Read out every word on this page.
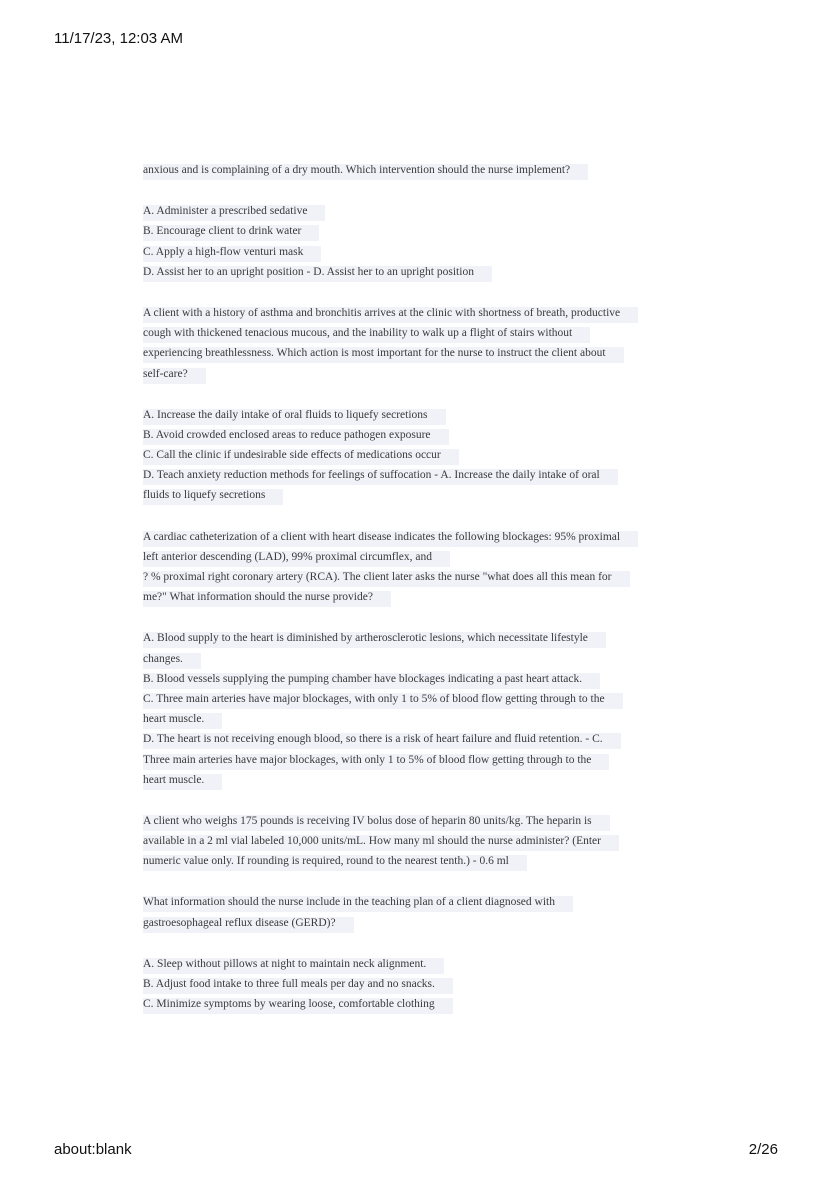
11/17/23, 12:03 AM
anxious and is complaining of a dry mouth. Which intervention should the nurse implement?
A. Administer a prescribed sedative
B. Encourage client to drink water
C. Apply a high-flow venturi mask
D. Assist her to an upright position - D. Assist her to an upright position
A client with a history of asthma and bronchitis arrives at the clinic with shortness of breath, productive
cough with thickened tenacious mucous, and the inability to walk up a flight of stairs without
experiencing breathlessness. Which action is most important for the nurse to instruct the client about
self-care?
A. Increase the daily intake of oral fluids to liquefy secretions
B. Avoid crowded enclosed areas to reduce pathogen exposure
C. Call the clinic if undesirable side effects of medications occur
D. Teach anxiety reduction methods for feelings of suffocation - A. Increase the daily intake of oral
fluids to liquefy secretions
A cardiac catheterization of a client with heart disease indicates the following blockages: 95% proximal
left anterior descending (LAD), 99% proximal circumflex, and
? % proximal right coronary artery (RCA). The client later asks the nurse "what does all this mean for
me?" What information should the nurse provide?
A. Blood supply to the heart is diminished by artherosclerotic lesions, which necessitate lifestyle
changes.
B. Blood vessels supplying the pumping chamber have blockages indicating a past heart attack.
C. Three main arteries have major blockages, with only 1 to 5% of blood flow getting through to the
heart muscle.
D. The heart is not receiving enough blood, so there is a risk of heart failure and fluid retention. - C.
Three main arteries have major blockages, with only 1 to 5% of blood flow getting through to the
heart muscle.
A client who weighs 175 pounds is receiving IV bolus dose of heparin 80 units/kg. The heparin is
available in a 2 ml vial labeled 10,000 units/mL. How many ml should the nurse administer? (Enter
numeric value only. If rounding is required, round to the nearest tenth.) - 0.6 ml
What information should the nurse include in the teaching plan of a client diagnosed with
gastroesophageal reflux disease (GERD)?
A. Sleep without pillows at night to maintain neck alignment.
B. Adjust food intake to three full meals per day and no snacks.
C. Minimize symptoms by wearing loose, comfortable clothing
about:blank	2/26
